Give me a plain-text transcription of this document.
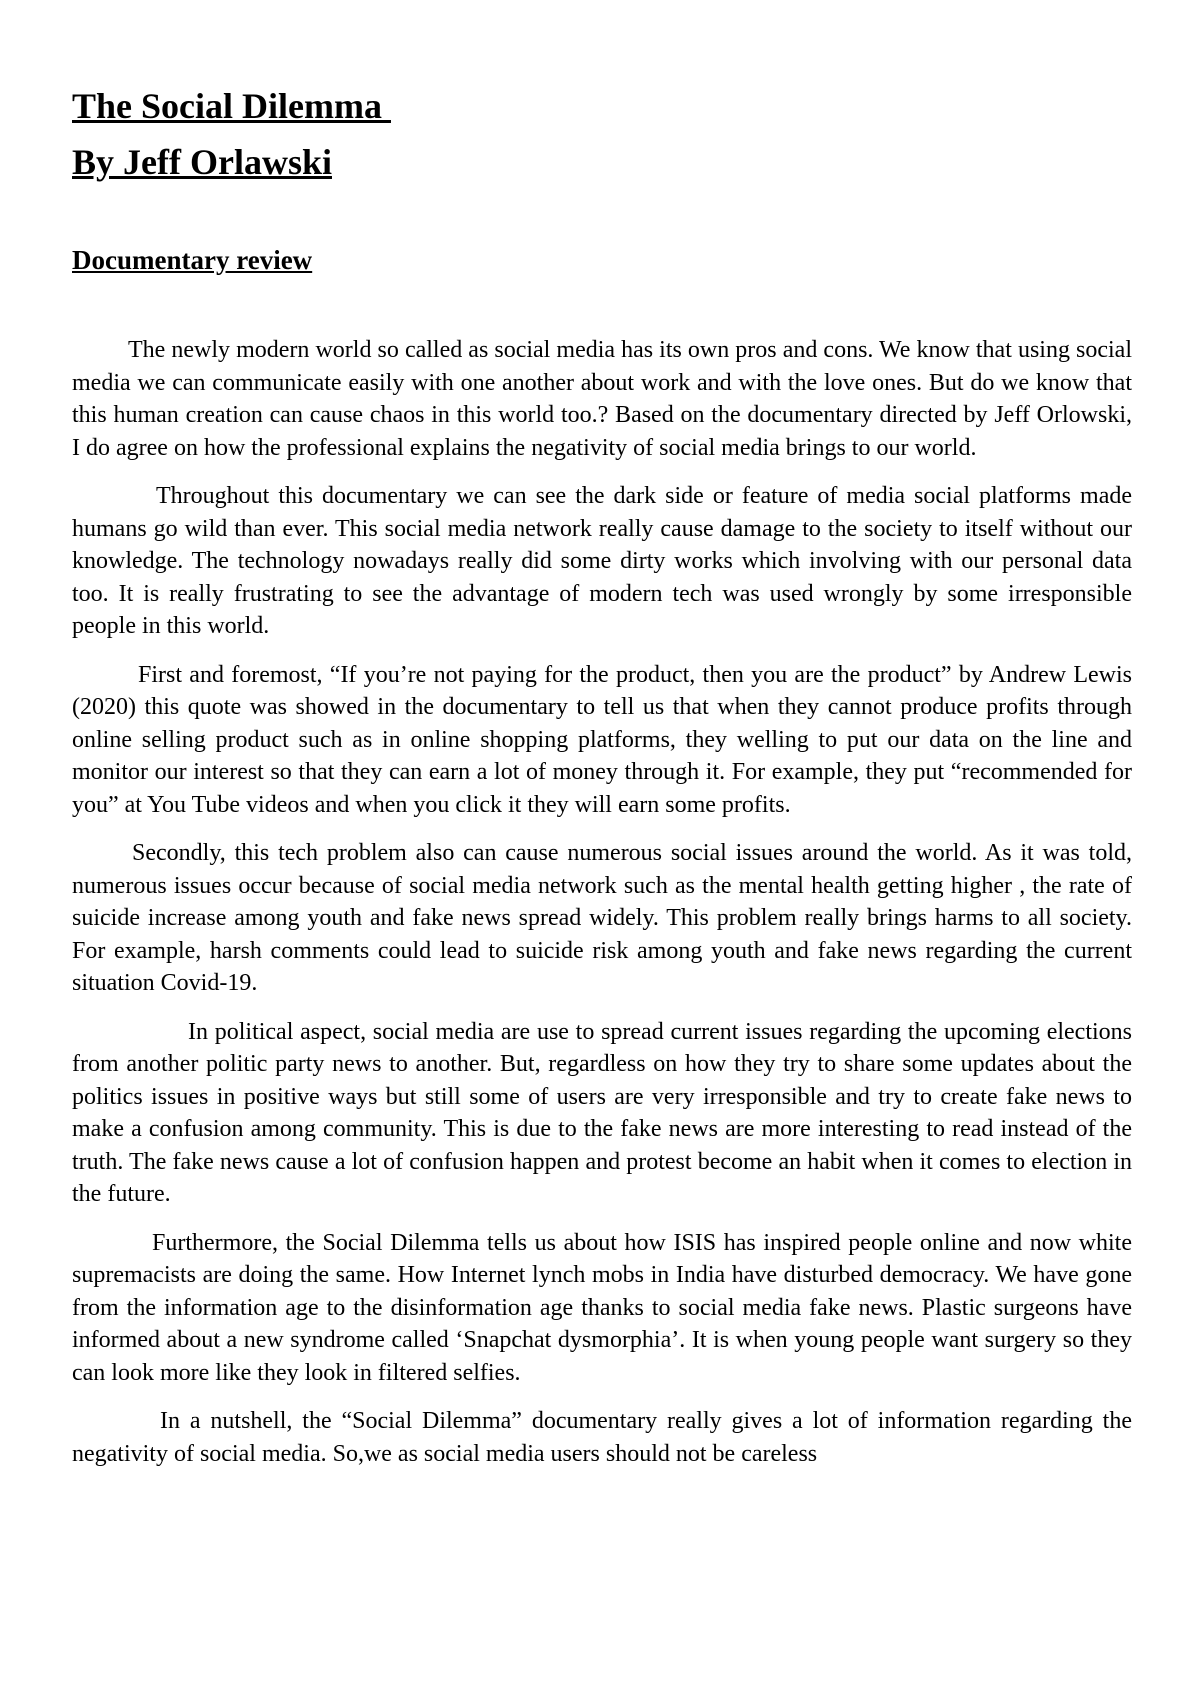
The Social Dilemma
By Jeff Orlawski
Documentary review

The newly modern world so called as social media has its own pros and cons. We know that using social media we can communicate easily with one another about work and with the love ones. But do we know that this human creation can cause chaos in this world too.? Based on the documentary directed by Jeff Orlowski, I do agree on how the professional explains the negativity of social media brings to our world.

Throughout this documentary we can see the dark side or feature of media social platforms made humans go wild than ever. This social media network really cause damage to the society to itself without our knowledge. The technology nowadays really did some dirty works which involving with our personal data too. It is really frustrating to see the advantage of modern tech was used wrongly by some irresponsible people in this world.

First and foremost, “If you’re not paying for the product, then you are the product” by Andrew Lewis (2020) this quote was showed in the documentary to tell us that when they cannot produce profits through online selling product such as in online shopping platforms, they welling to put our data on the line and monitor our interest so that they can earn a lot of money through it. For example, they put “recommended for you” at You Tube videos and when you click it they will earn some profits.

Secondly, this tech problem also can cause numerous social issues around the world. As it was told, numerous issues occur because of social media network such as the mental health getting higher , the rate of suicide increase among youth and fake news spread widely. This problem really brings harms to all society. For example, harsh comments could lead to suicide risk among youth and fake news regarding the current situation Covid-19.

In political aspect, social media are use to spread current issues regarding the upcoming elections from another politic party news to another. But, regardless on how they try to share some updates about the politics issues in positive ways but still some of users are very irresponsible and try to create fake news to make a confusion among community. This is due to the fake news are more interesting to read instead of the truth. The fake news cause a lot of confusion happen and protest become an habit when it comes to election in the future.

Furthermore, the Social Dilemma tells us about how ISIS has inspired people online and now white supremacists are doing the same. How Internet lynch mobs in India have disturbed democracy. We have gone from the information age to the disinformation age thanks to social media fake news. Plastic surgeons have informed about a new syndrome called ‘Snapchat dysmorphia’. It is when young people want surgery so they can look more like they look in filtered selfies.

In a nutshell, the “Social Dilemma” documentary really gives a lot of information regarding the negativity of social media. So,we as social media users should not be careless
